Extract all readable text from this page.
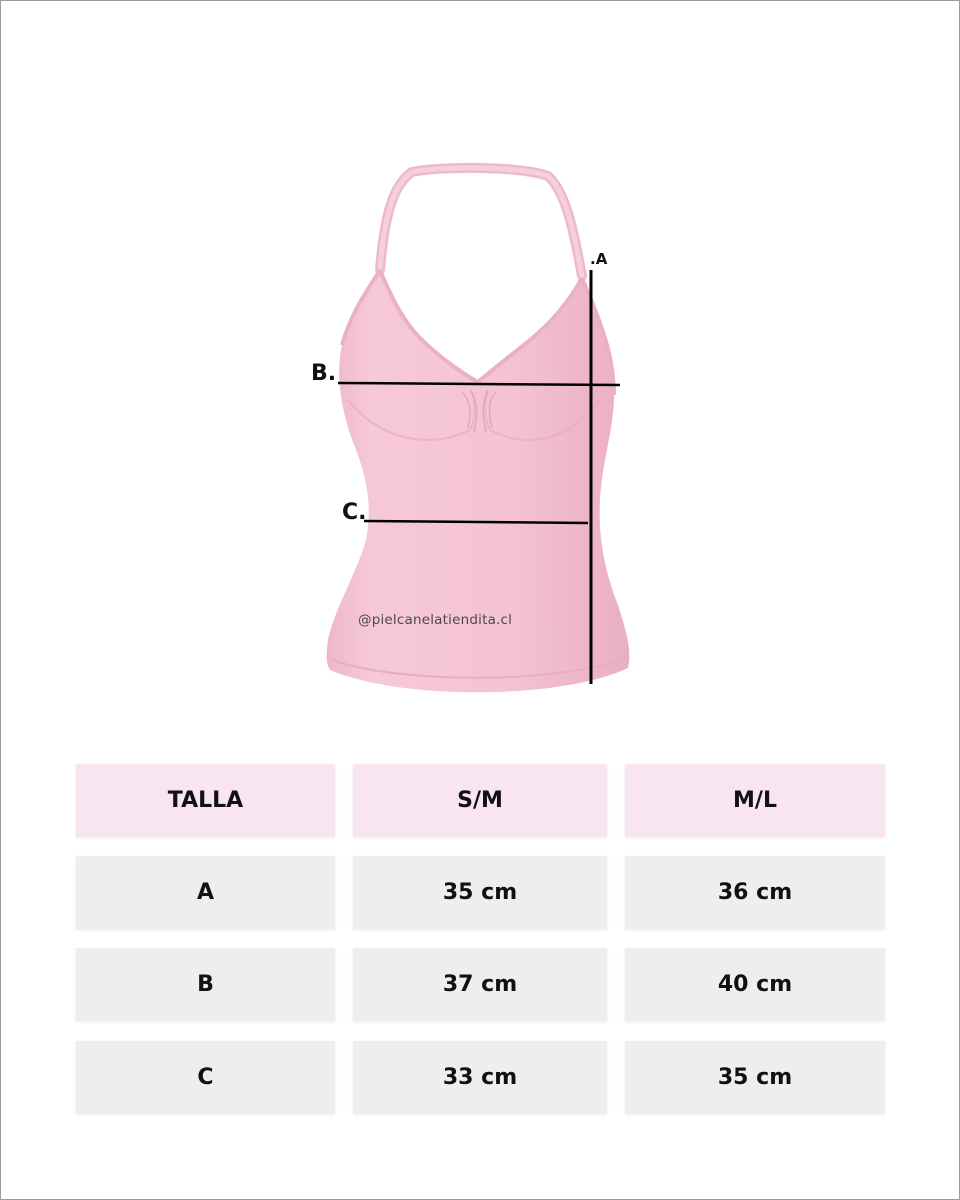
.A
B.
C.
@pielcanelatiendita.cl
TALLA	S/M	M/L
A	35 cm	36 cm
B	37 cm	40 cm
C	33 cm	35 cm
